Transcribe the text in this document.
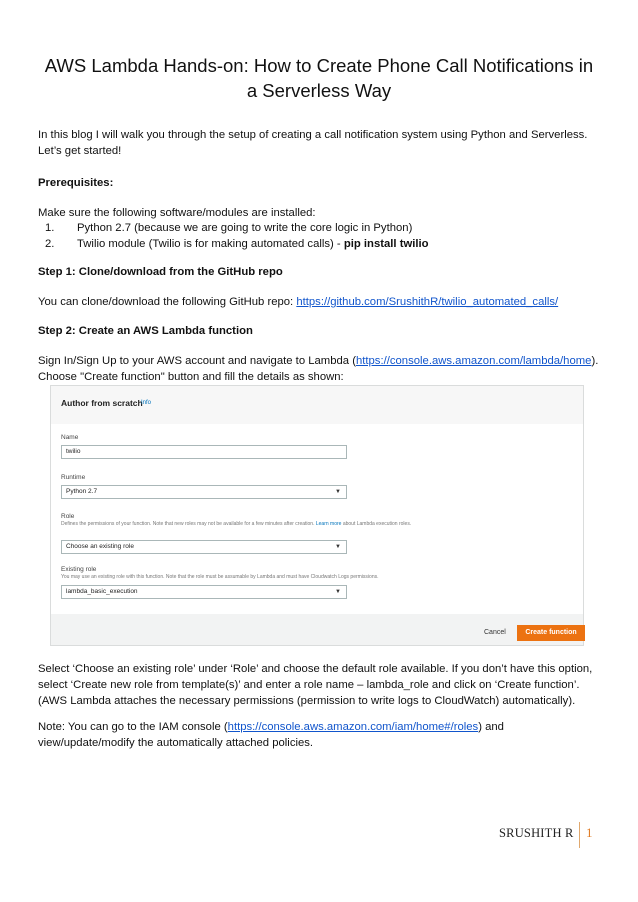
AWS Lambda Hands-on: How to Create Phone Call Notifications in a Serverless Way
In this blog I will walk you through the setup of creating a call notification system using Python and Serverless. Let’s get started!
Prerequisites:
Make sure the following software/modules are installed:
1. Python 2.7 (because we are going to write the core logic in Python)
2. Twilio module (Twilio is for making automated calls) - pip install twilio
Step 1: Clone/download from the GitHub repo
You can clone/download the following GitHub repo: https://github.com/SrushithR/twilio_automated_calls/
Step 2: Create an AWS Lambda function
Sign In/Sign Up to your AWS account and navigate to Lambda (https://console.aws.amazon.com/lambda/home).
Choose "Create function" button and fill the details as shown:
Author from scratch
Info
Name
twilio
Runtime
Python 2.7	▼
Role
Defines the permissions of your function. Note that new roles may not be available for a few minutes after creation. Learn more about Lambda execution roles.
Choose an existing role	▼
Existing role
You may use an existing role with this function. Note that the role must be assumable by Lambda and must have Cloudwatch Logs permissions.
lambda_basic_execution	▼
Cancel	Create function
Select ‘Choose an existing role’ under ‘Role’ and choose the default role available. If you don’t have this option, select ‘Create new role from template(s)’ and enter a role name – lambda_role and click on ‘Create function’. (AWS Lambda attaches the necessary permissions (permission to write logs to CloudWatch) automatically).
Note: You can go to the IAM console (https://console.aws.amazon.com/iam/home#/roles) and view/update/modify the automatically attached policies.
SRUSHITH R 1
